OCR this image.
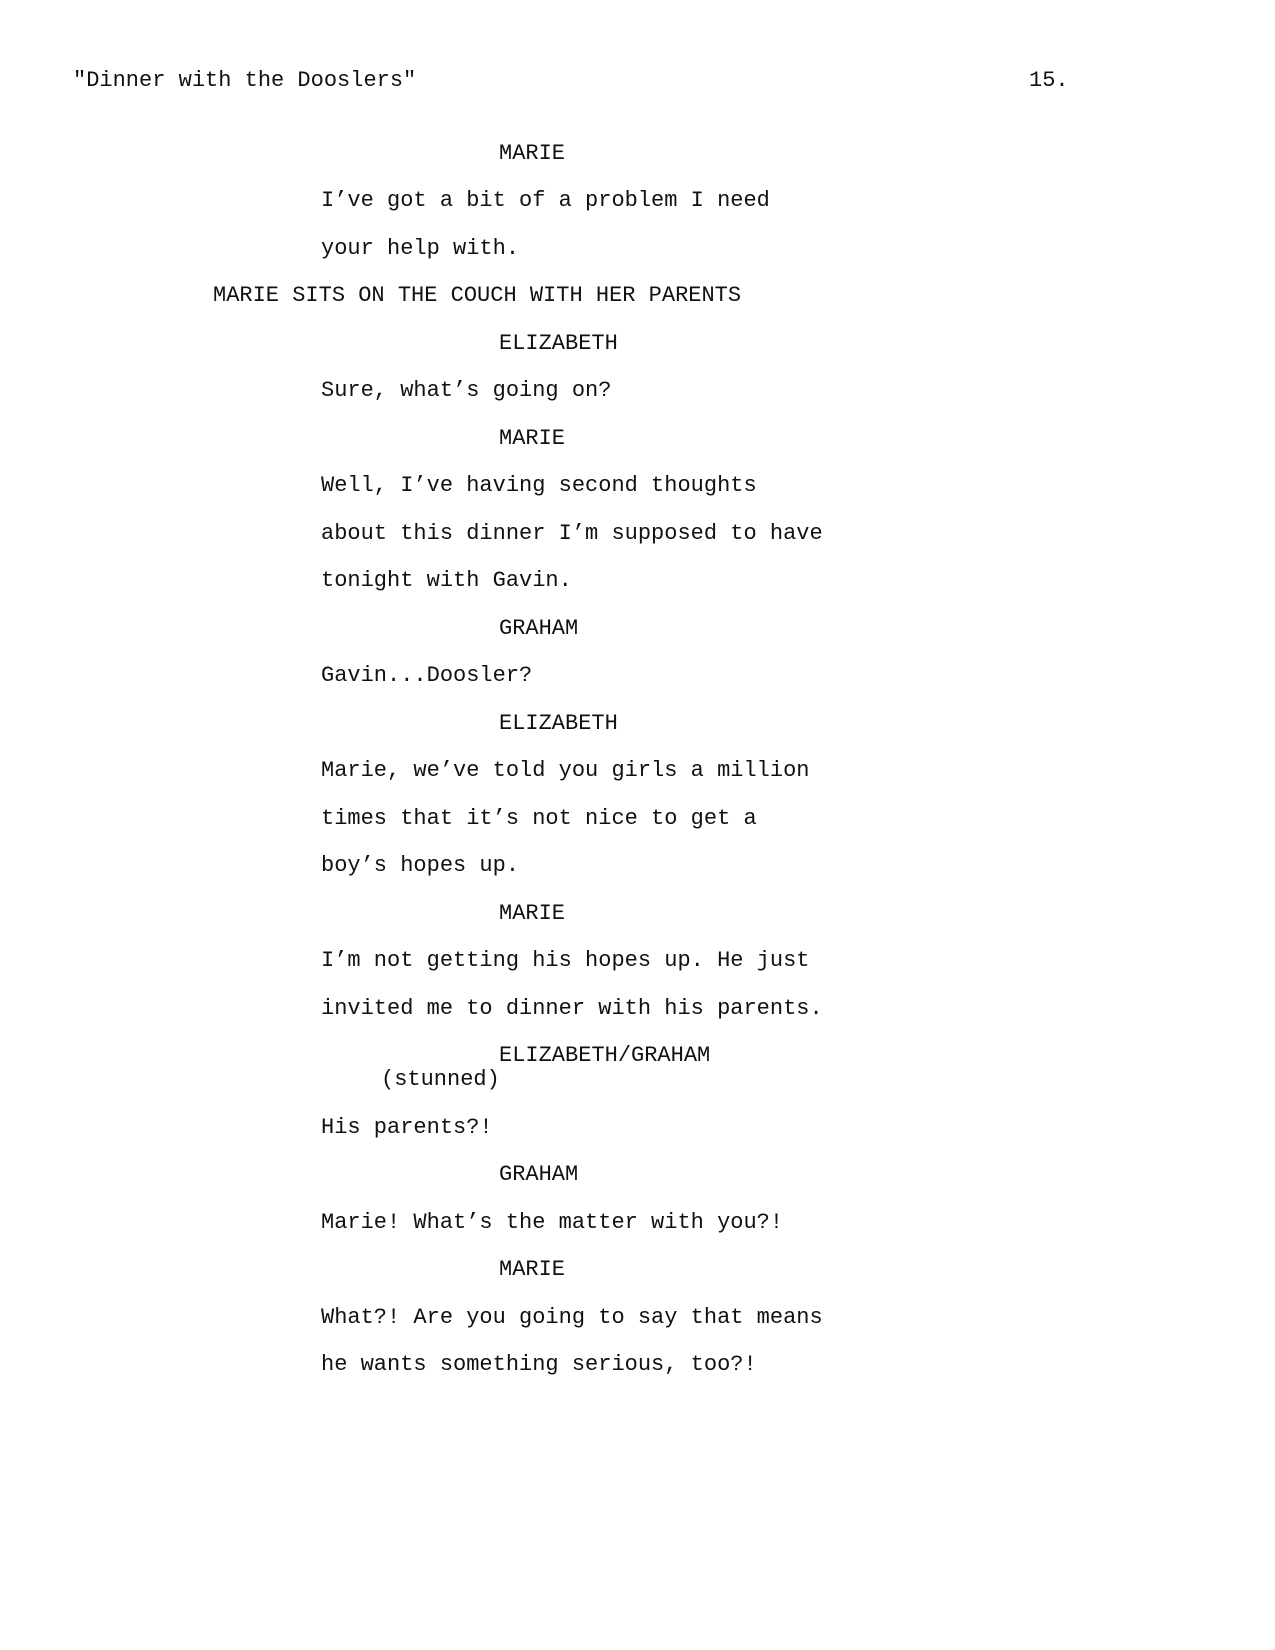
"Dinner with the Dooslers"	15.
MARIE
I’ve got a bit of a problem I need
your help with.
MARIE SITS ON THE COUCH WITH HER PARENTS
ELIZABETH
Sure, what’s going on?
MARIE
Well, I’ve having second thoughts
about this dinner I’m supposed to have
tonight with Gavin.
GRAHAM
Gavin...Doosler?
ELIZABETH
Marie, we’ve told you girls a million
times that it’s not nice to get a
boy’s hopes up.
MARIE
I’m not getting his hopes up. He just
invited me to dinner with his parents.
ELIZABETH/GRAHAM
(stunned)
His parents?!
GRAHAM
Marie! What’s the matter with you?!
MARIE
What?! Are you going to say that means
he wants something serious, too?!
